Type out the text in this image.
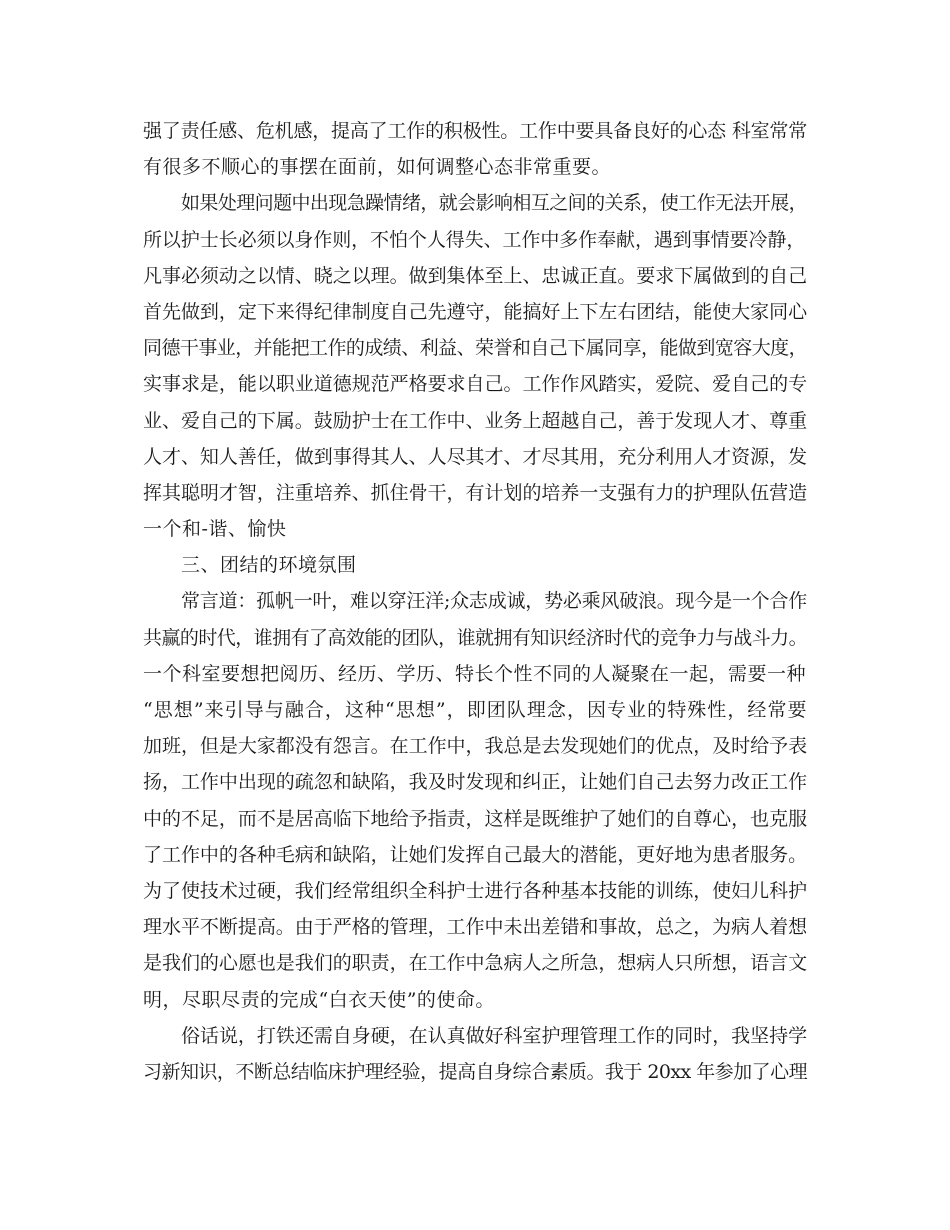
强了责任感、危机感，提高了工作的积极性。工作中要具备良好的心态 科室常常
有很多不顺心的事摆在面前，如何调整心态非常重要。
如果处理问题中出现急躁情绪，就会影响相互之间的关系，使工作无法开展，
所以护士长必须以身作则，不怕个人得失、工作中多作奉献，遇到事情要冷静，
凡事必须动之以情、晓之以理。做到集体至上、忠诚正直。要求下属做到的自己
首先做到，定下来得纪律制度自己先遵守，能搞好上下左右团结，能使大家同心
同德干事业，并能把工作的成绩、利益、荣誉和自己下属同享，能做到宽容大度，
实事求是，能以职业道德规范严格要求自己。工作作风踏实，爱院、爱自己的专
业、爱自己的下属。鼓励护士在工作中、业务上超越自己，善于发现人才、尊重
人才、知人善任，做到事得其人、人尽其才、才尽其用，充分利用人才资源，发
挥其聪明才智，注重培养、抓住骨干，有计划的培养一支强有力的护理队伍营造
一个和-谐、愉快
三、团结的环境氛围
常言道：孤帆一叶，难以穿汪洋;众志成诚，势必乘风破浪。现今是一个合作
共赢的时代，谁拥有了高效能的团队，谁就拥有知识经济时代的竞争力与战斗力。
一个科室要想把阅历、经历、学历、特长个性不同的人凝聚在一起，需要一种
“思想”来引导与融合，这种“思想”，即团队理念，因专业的特殊性，经常要
加班，但是大家都没有怨言。在工作中，我总是去发现她们的优点，及时给予表
扬，工作中出现的疏忽和缺陷，我及时发现和纠正，让她们自己去努力改正工作
中的不足，而不是居高临下地给予指责，这样是既维护了她们的自尊心，也克服
了工作中的各种毛病和缺陷，让她们发挥自己最大的潜能，更好地为患者服务。
为了使技术过硬，我们经常组织全科护士进行各种基本技能的训练，使妇儿科护
理水平不断提高。由于严格的管理，工作中未出差错和事故，总之，为病人着想
是我们的心愿也是我们的职责，在工作中急病人之所急，想病人只所想，语言文
明，尽职尽责的完成“白衣天使”的使命。
俗话说，打铁还需自身硬，在认真做好科室护理管理工作的同时，我坚持学
习新知识，不断总结临床护理经验，提高自身综合素质。我于 20xx 年参加了心理
